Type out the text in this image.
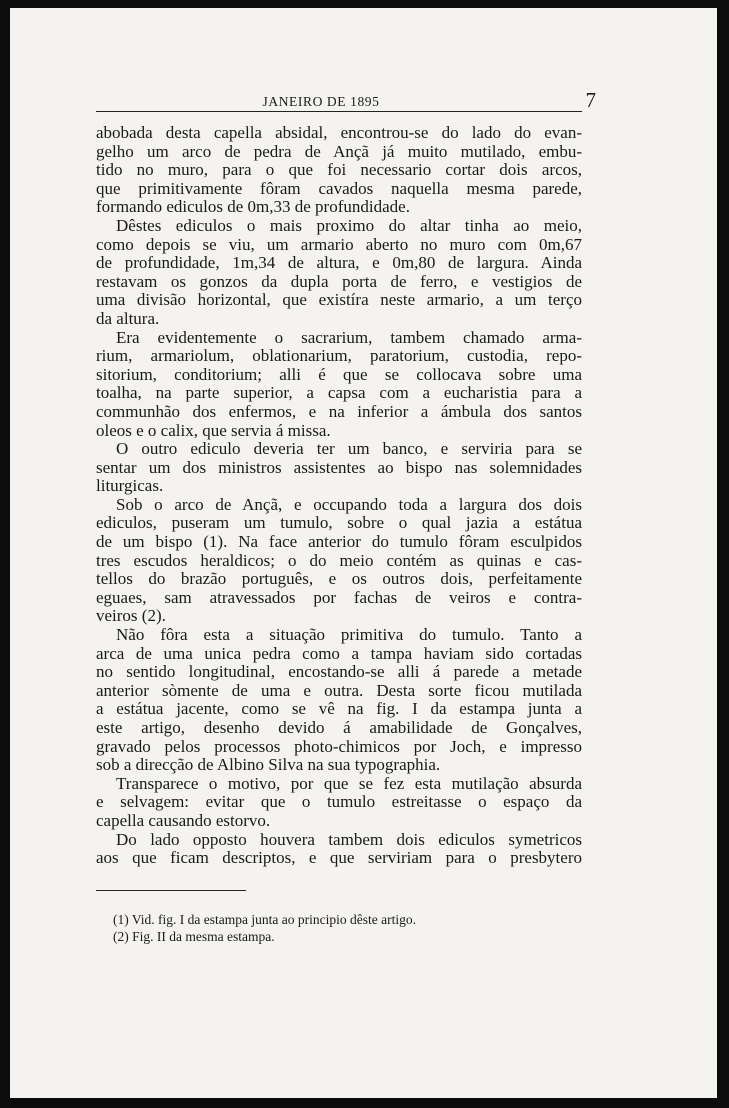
JANEIRO DE 1895	7
abobada desta capella absidal, encontrou-se do lado do evan-
gelho um arco de pedra de Ançã já muito mutilado, embu-
tido no muro, para o que foi necessario cortar dois arcos,
que primitivamente fôram cavados naquella mesma parede,
formando ediculos de 0m,33 de profundidade.
Dêstes ediculos o mais proximo do altar tinha ao meio,
como depois se viu, um armario aberto no muro com 0m,67
de profundidade, 1m,34 de altura, e 0m,80 de largura. Ainda
restavam os gonzos da dupla porta de ferro, e vestigios de
uma divisão horizontal, que existíra neste armario, a um terço
da altura.
Era evidentemente o sacrarium, tambem chamado arma-
rium, armariolum, oblationarium, paratorium, custodia, repo-
sitorium, conditorium; alli é que se collocava sobre uma
toalha, na parte superior, a capsa com a eucharistia para a
communhão dos enfermos, e na inferior a ámbula dos santos
oleos e o calix, que servia á missa.
O outro ediculo deveria ter um banco, e serviria para se
sentar um dos ministros assistentes ao bispo nas solemnidades
liturgicas.
Sob o arco de Ançã, e occupando toda a largura dos dois
ediculos, puseram um tumulo, sobre o qual jazia a estátua
de um bispo (1). Na face anterior do tumulo fôram esculpidos
tres escudos heraldicos; o do meio contém as quinas e cas-
tellos do brazão português, e os outros dois, perfeitamente
eguaes, sam atravessados por fachas de veiros e contra-
veiros (2).
Não fôra esta a situação primitiva do tumulo. Tanto a
arca de uma unica pedra como a tampa haviam sido cortadas
no sentido longitudinal, encostando-se alli á parede a metade
anterior sòmente de uma e outra. Desta sorte ficou mutilada
a estátua jacente, como se vê na fig. I da estampa junta a
este artigo, desenho devido á amabilidade de Gonçalves,
gravado pelos processos photo-chimicos por Joch, e impresso
sob a direcção de Albino Silva na sua typographia.
Transparece o motivo, por que se fez esta mutilação absurda
e selvagem: evitar que o tumulo estreitasse o espaço da
capella causando estorvo.
Do lado opposto houvera tambem dois ediculos symetricos
aos que ficam descriptos, e que serviriam para o presbytero
(1) Vid. fig. I da estampa junta ao principio dêste artigo.
(2) Fig. II da mesma estampa.
